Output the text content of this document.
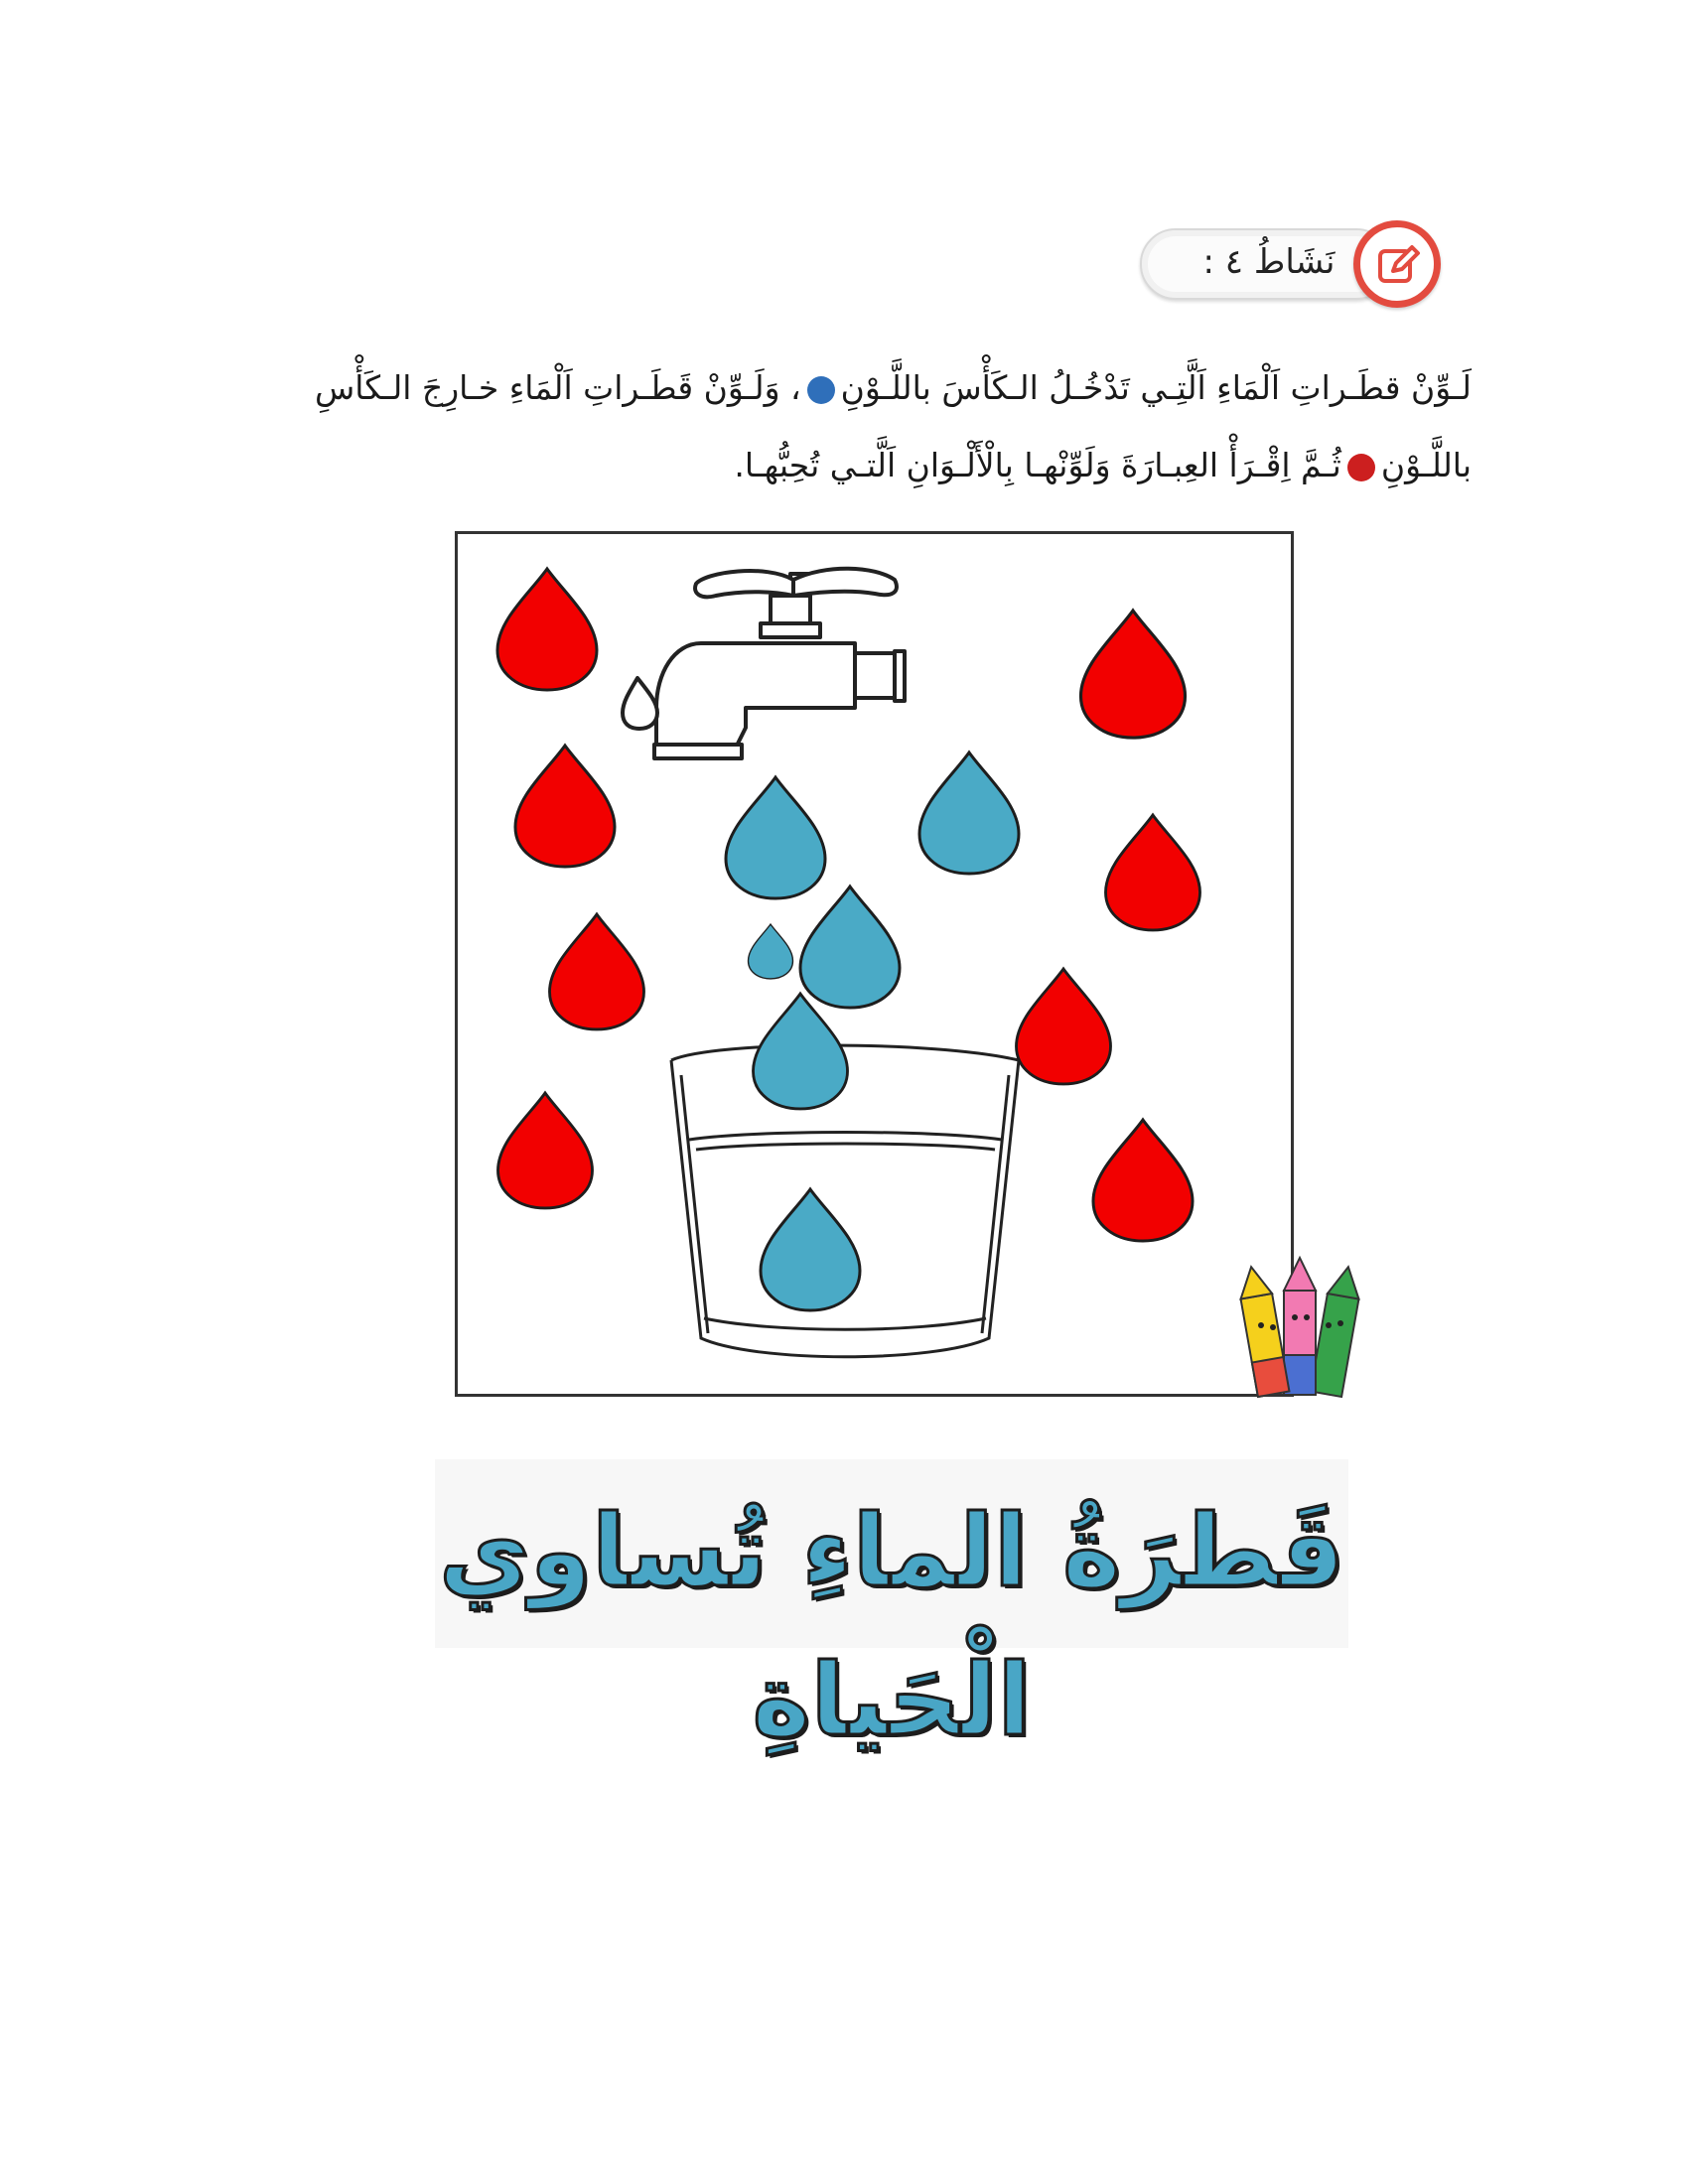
نَشَاطُ ٤ :
لَـوِّنْ قطَـراتِ اَلْمَاءِ اَلَّتِـي تَدْخُـلُ الـكَأْسَ باللَّـوْنِ، وَلَـوِّنْ قَطَـراتِ اَلْمَاءِ خـارِجَ الـكَأْسِ
باللَّـوْنِثُـمَّ اِقْـرَأْ العِبـارَةَ وَلَوِّنْهـا بِالْأَلْـوَانِ اَلَّتـي تُحِبُّهـا.
قَطرَةُ الماءِ تُساوي الْحَياةِ
